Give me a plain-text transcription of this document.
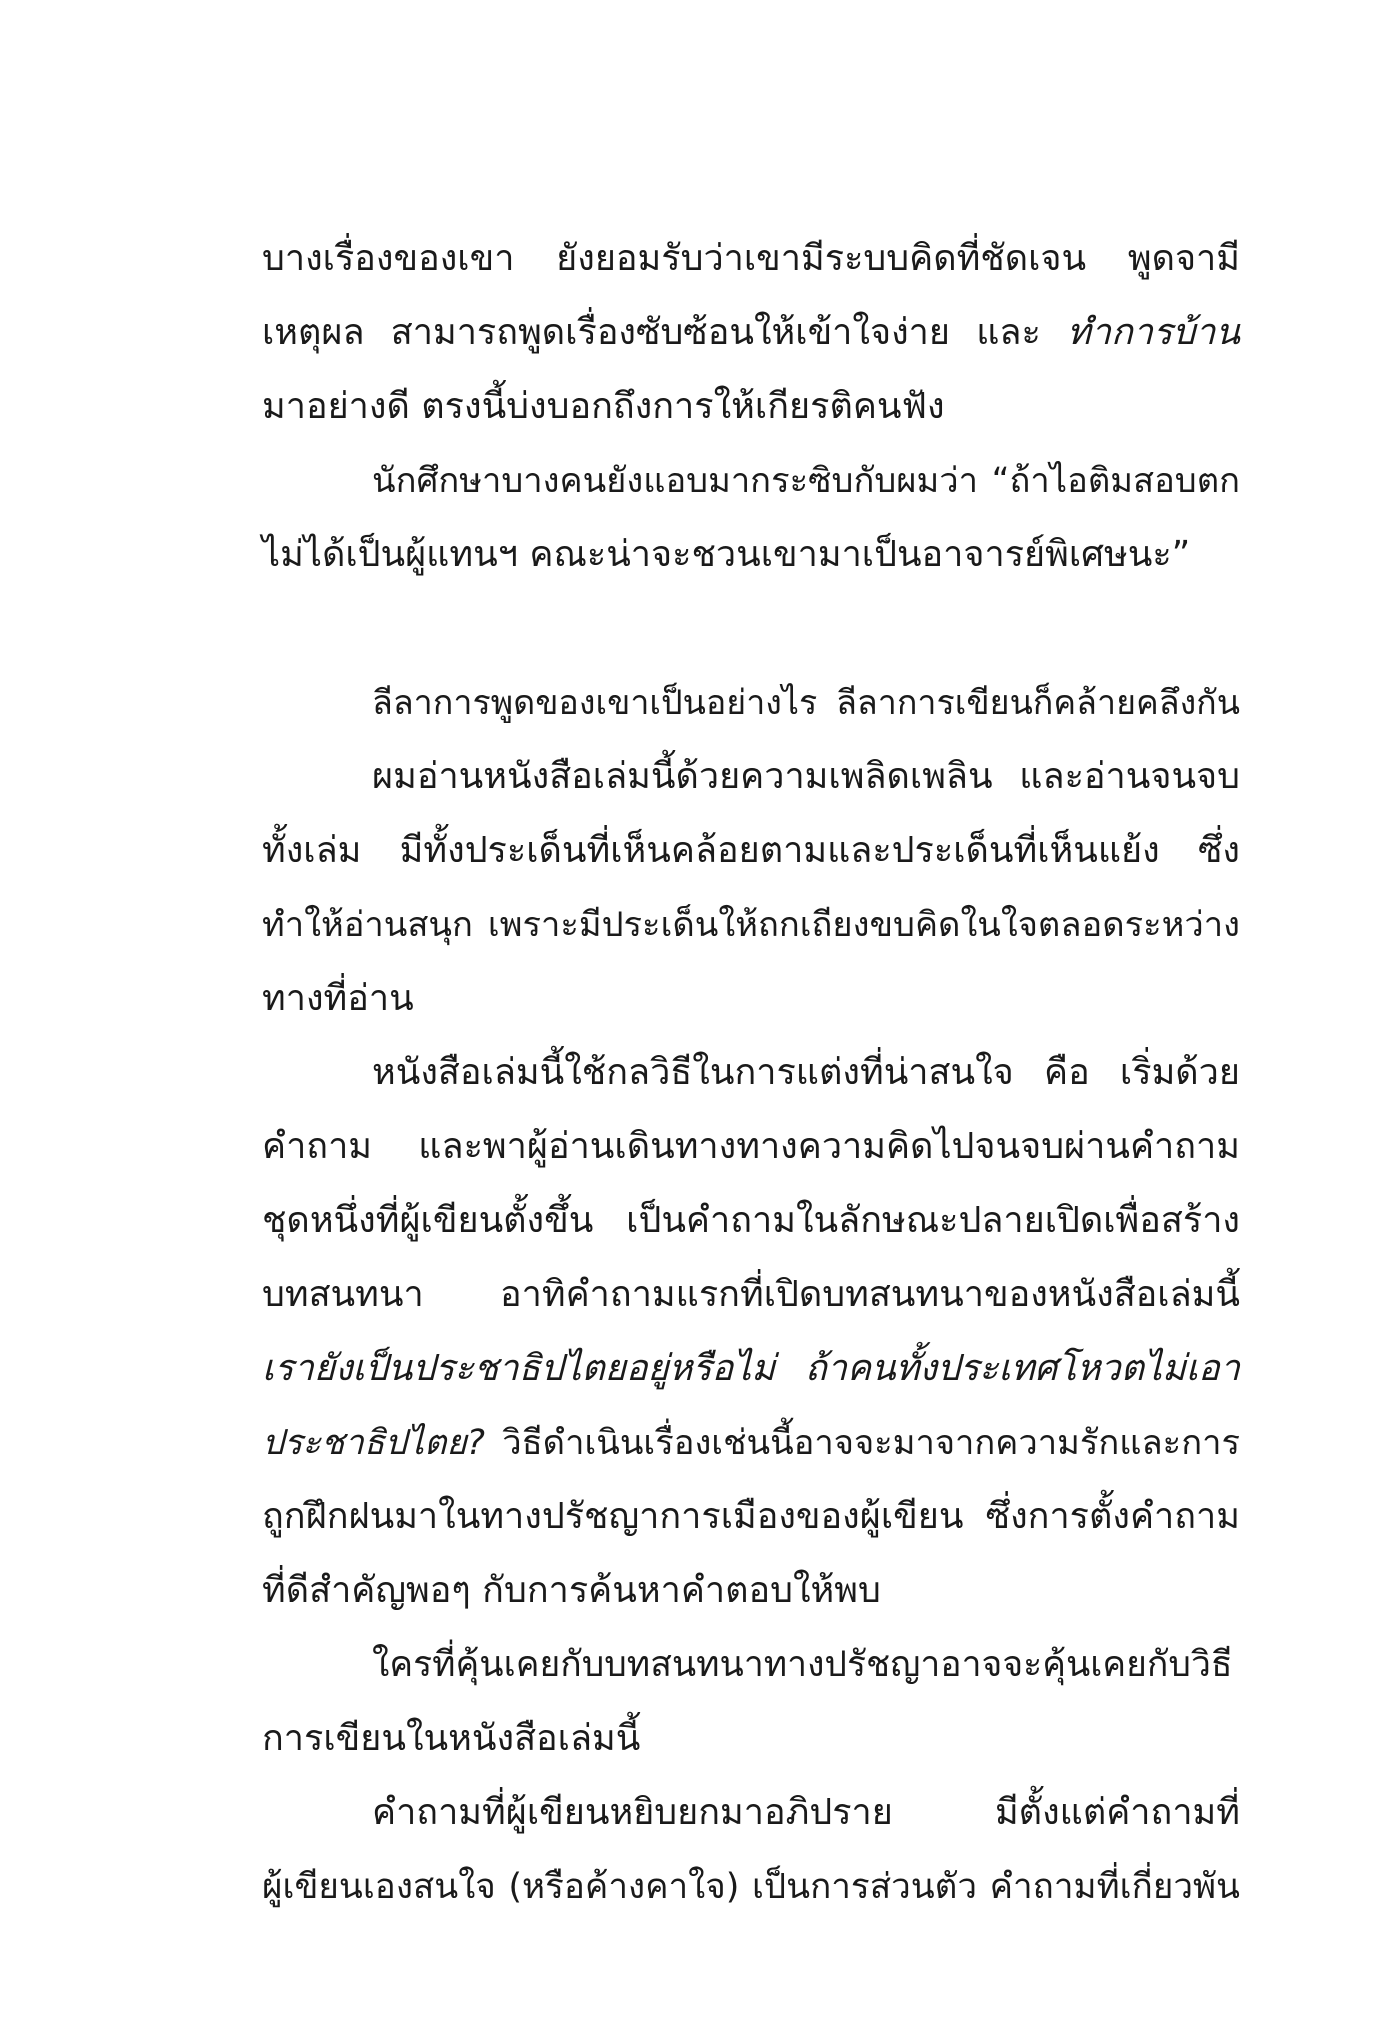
บางเรื่องของเขา ยังยอมรับว่าเขามีระบบคิดที่ชัดเจน พูดจามี
เหตุผล สามารถพูดเรื่องซับซ้อนให้เข้าใจง่าย และ ทำการบ้าน
มาอย่างดี ตรงนี้บ่งบอกถึงการให้เกียรติคนฟัง
นักศึกษาบางคนยังแอบมากระซิบกับผมว่า “ถ้าไอติมสอบตก
ไม่ได้เป็นผู้แทนฯ คณะน่าจะชวนเขามาเป็นอาจารย์พิเศษนะ”
ลีลาการพูดของเขาเป็นอย่างไร ลีลาการเขียนก็คล้ายคลึงกัน
ผมอ่านหนังสือเล่มนี้ด้วยความเพลิดเพลิน และอ่านจนจบ
ทั้งเล่ม มีทั้งประเด็นที่เห็นคล้อยตามและประเด็นที่เห็นแย้ง ซึ่ง
ทำให้อ่านสนุก เพราะมีประเด็นให้ถกเถียงขบคิดในใจตลอดระหว่าง
ทางที่อ่าน
หนังสือเล่มนี้ใช้กลวิธีในการแต่งที่น่าสนใจ คือ เริ่มด้วย
คำถาม และพาผู้อ่านเดินทางทางความคิดไปจนจบผ่านคำถาม
ชุดหนึ่งที่ผู้เขียนตั้งขึ้น เป็นคำถามในลักษณะปลายเปิดเพื่อสร้าง
บทสนทนา อาทิคำถามแรกที่เปิดบทสนทนาของหนังสือเล่มนี้
เรายังเป็นประชาธิปไตยอยู่หรือไม่ ถ้าคนทั้งประเทศโหวตไม่เอา
ประชาธิปไตย? วิธีดำเนินเรื่องเช่นนี้อาจจะมาจากความรักและการ
ถูกฝึกฝนมาในทางปรัชญาการเมืองของผู้เขียน ซึ่งการตั้งคำถาม
ที่ดีสำคัญพอๆ กับการค้นหาคำตอบให้พบ
ใครที่คุ้นเคยกับบทสนทนาทางปรัชญาอาจจะคุ้นเคยกับวิธี
การเขียนในหนังสือเล่มนี้
คำถามที่ผู้เขียนหยิบยกมาอภิปราย มีตั้งแต่คำถามที่
ผู้เขียนเองสนใจ (หรือค้างคาใจ) เป็นการส่วนตัว คำถามที่เกี่ยวพัน
